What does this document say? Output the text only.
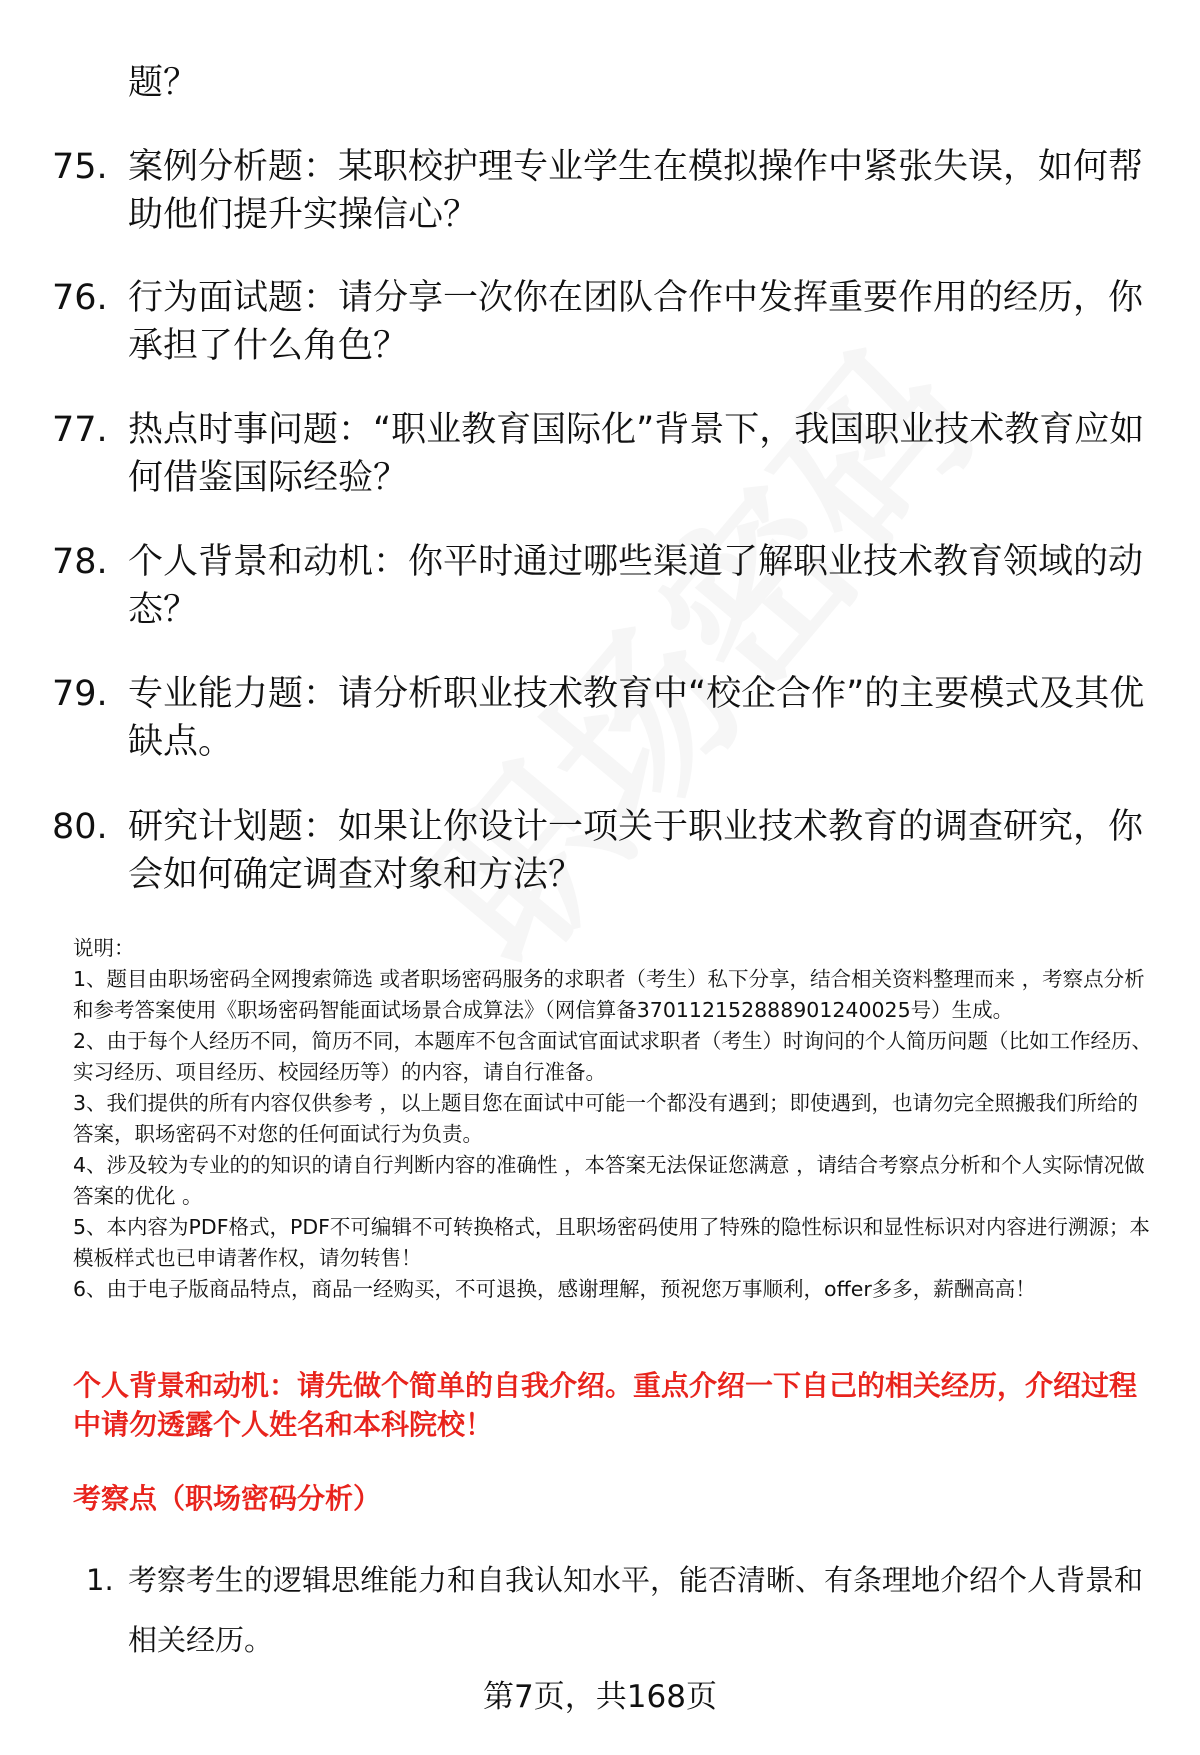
题？
75. 案例分析题：某职校护理专业学生在模拟操作中紧张失误，如何帮助他们提升实操信心？
76. 行为面试题：请分享一次你在团队合作中发挥重要作用的经历，你承担了什么角色？
77. 热点时事问题：“职业教育国际化”背景下，我国职业技术教育应如何借鉴国际经验？
78. 个人背景和动机：你平时通过哪些渠道了解职业技术教育领域的动态？
79. 专业能力题：请分析职业技术教育中“校企合作”的主要模式及其优缺点。
80. 研究计划题：如果让你设计一项关于职业技术教育的调查研究，你会如何确定调查对象和方法？
说明：
1、题目由职场密码全网搜索筛选 或者职场密码服务的求职者（考生）私下分享，结合相关资料整理而来 ，考察点分析和参考答案使用《职场密码智能面试场景合成算法》（网信算备370112152888901240025号）生成。
2、由于每个人经历不同，简历不同，本题库不包含面试官面试求职者（考生）时询问的个人简历问题（比如工作经历、实习经历、项目经历、校园经历等）的内容，请自行准备。
3、我们提供的所有内容仅供参考 ，以上题目您在面试中可能一个都没有遇到；即使遇到，也请勿完全照搬我们所给的答案，职场密码不对您的任何面试行为负责。
4、涉及较为专业的的知识的请自行判断内容的准确性 ，本答案无法保证您满意 ，请结合考察点分析和个人实际情况做答案的优化 。
5、本内容为PDF格式，PDF不可编辑不可转换格式，且职场密码使用了特殊的隐性标识和显性标识对内容进行溯源；本模板样式也已申请著作权，请勿转售！
6、由于电子版商品特点，商品一经购买，不可退换，感谢理解，预祝您万事顺利，offer多多，薪酬高高！
个人背景和动机：请先做个简单的自我介绍。重点介绍一下自己的相关经历，介绍过程中请勿透露个人姓名和本科院校！
考察点（职场密码分析）
1. 考察考生的逻辑思维能力和自我认知水平，能否清晰、有条理地介绍个人背景和相关经历。
第7页，共168页
